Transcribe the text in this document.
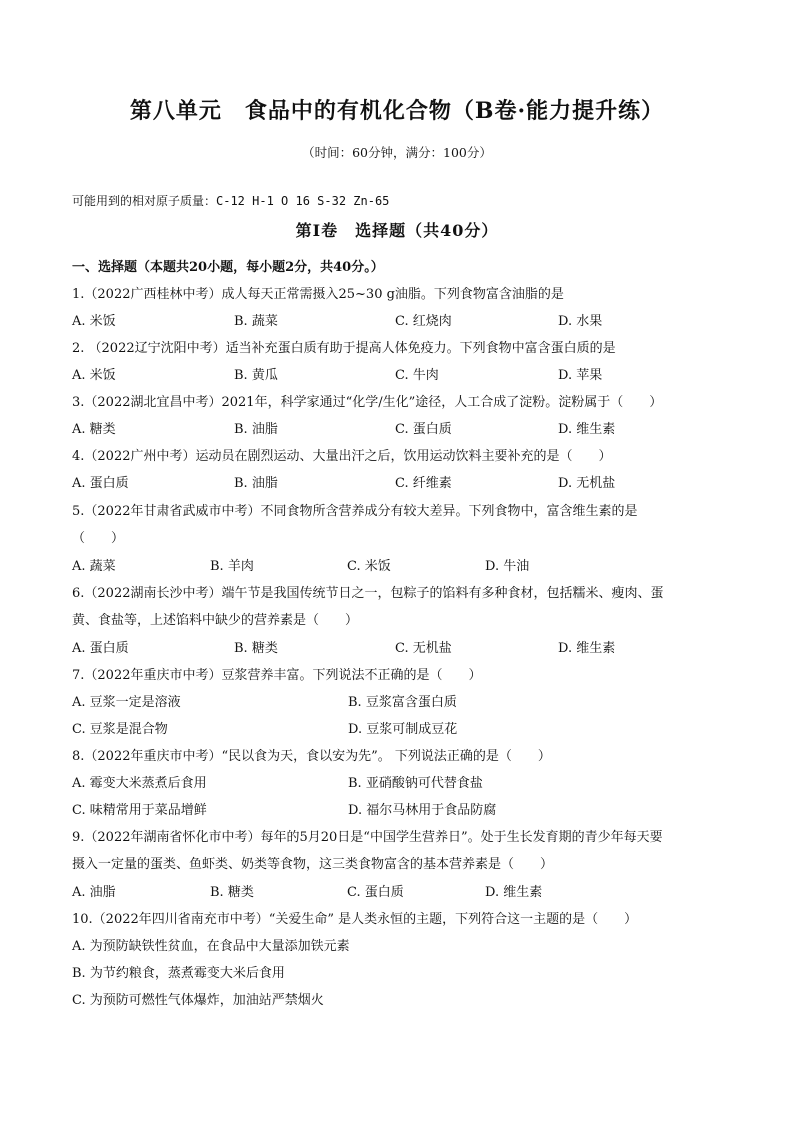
第八单元　食品中的有机化合物（B卷·能力提升练）
（时间：60分钟，满分：100分）
可能用到的相对原子质量：C-12 H-1 O 16 S-32 Zn-65
第Ⅰ卷　选择题（共40分）
一、选择题（本题共20小题，每小题2分，共40分。）
1.（2022广西桂林中考）成人每天正常需摄入25~30 g油脂。下列食物富含油脂的是
A. 米饭	B. 蔬菜	C. 红烧肉	D. 水果
2. （2022辽宁沈阳中考）适当补充蛋白质有助于提高人体免疫力。下列食物中富含蛋白质的是
A. 米饭	B. 黄瓜	C. 牛肉	D. 苹果
3.（2022湖北宜昌中考）2021年，科学家通过“化学/生化”途径，人工合成了淀粉。淀粉属于（　　）
A. 糖类	B. 油脂	C. 蛋白质	D. 维生素
4.（2022广州中考）运动员在剧烈运动、大量出汗之后，饮用运动饮料主要补充的是（　　）
A. 蛋白质	B. 油脂	C. 纤维素	D. 无机盐
5.（2022年甘肃省武威市中考）不同食物所含营养成分有较大差异。下列食物中，富含维生素的是
（　　）
A. 蔬菜	B. 羊肉	C. 米饭	D. 牛油
6.（2022湖南长沙中考）端午节是我国传统节日之一，包粽子的馅料有多种食材，包括糯米、瘦肉、蛋
黄、食盐等，上述馅料中缺少的营养素是（　　）
A. 蛋白质	B. 糖类	C. 无机盐	D. 维生素
7.（2022年重庆市中考）豆浆营养丰富。下列说法不正确的是（　　）
A. 豆浆一定是溶液	B. 豆浆富含蛋白质
C. 豆浆是混合物	D. 豆浆可制成豆花
8.（2022年重庆市中考）“民以食为天，食以安为先”。 下列说法正确的是（　　）
A. 霉变大米蒸煮后食用	B. 亚硝酸钠可代替食盐
C. 味精常用于菜品增鲜	D. 福尔马林用于食品防腐
9.（2022年湖南省怀化市中考）每年的5月20日是“中国学生营养日”。处于生长发育期的青少年每天要
摄入一定量的蛋类、鱼虾类、奶类等食物，这三类食物富含的基本营养素是（　　）
A. 油脂	B. 糖类	C. 蛋白质	D. 维生素
10.（2022年四川省南充市中考）“关爱生命” 是人类永恒的主题，下列符合这一主题的是（　　）
A. 为预防缺铁性贫血，在食品中大量添加铁元素
B. 为节约粮食，蒸煮霉变大米后食用
C. 为预防可燃性气体爆炸，加油站严禁烟火
